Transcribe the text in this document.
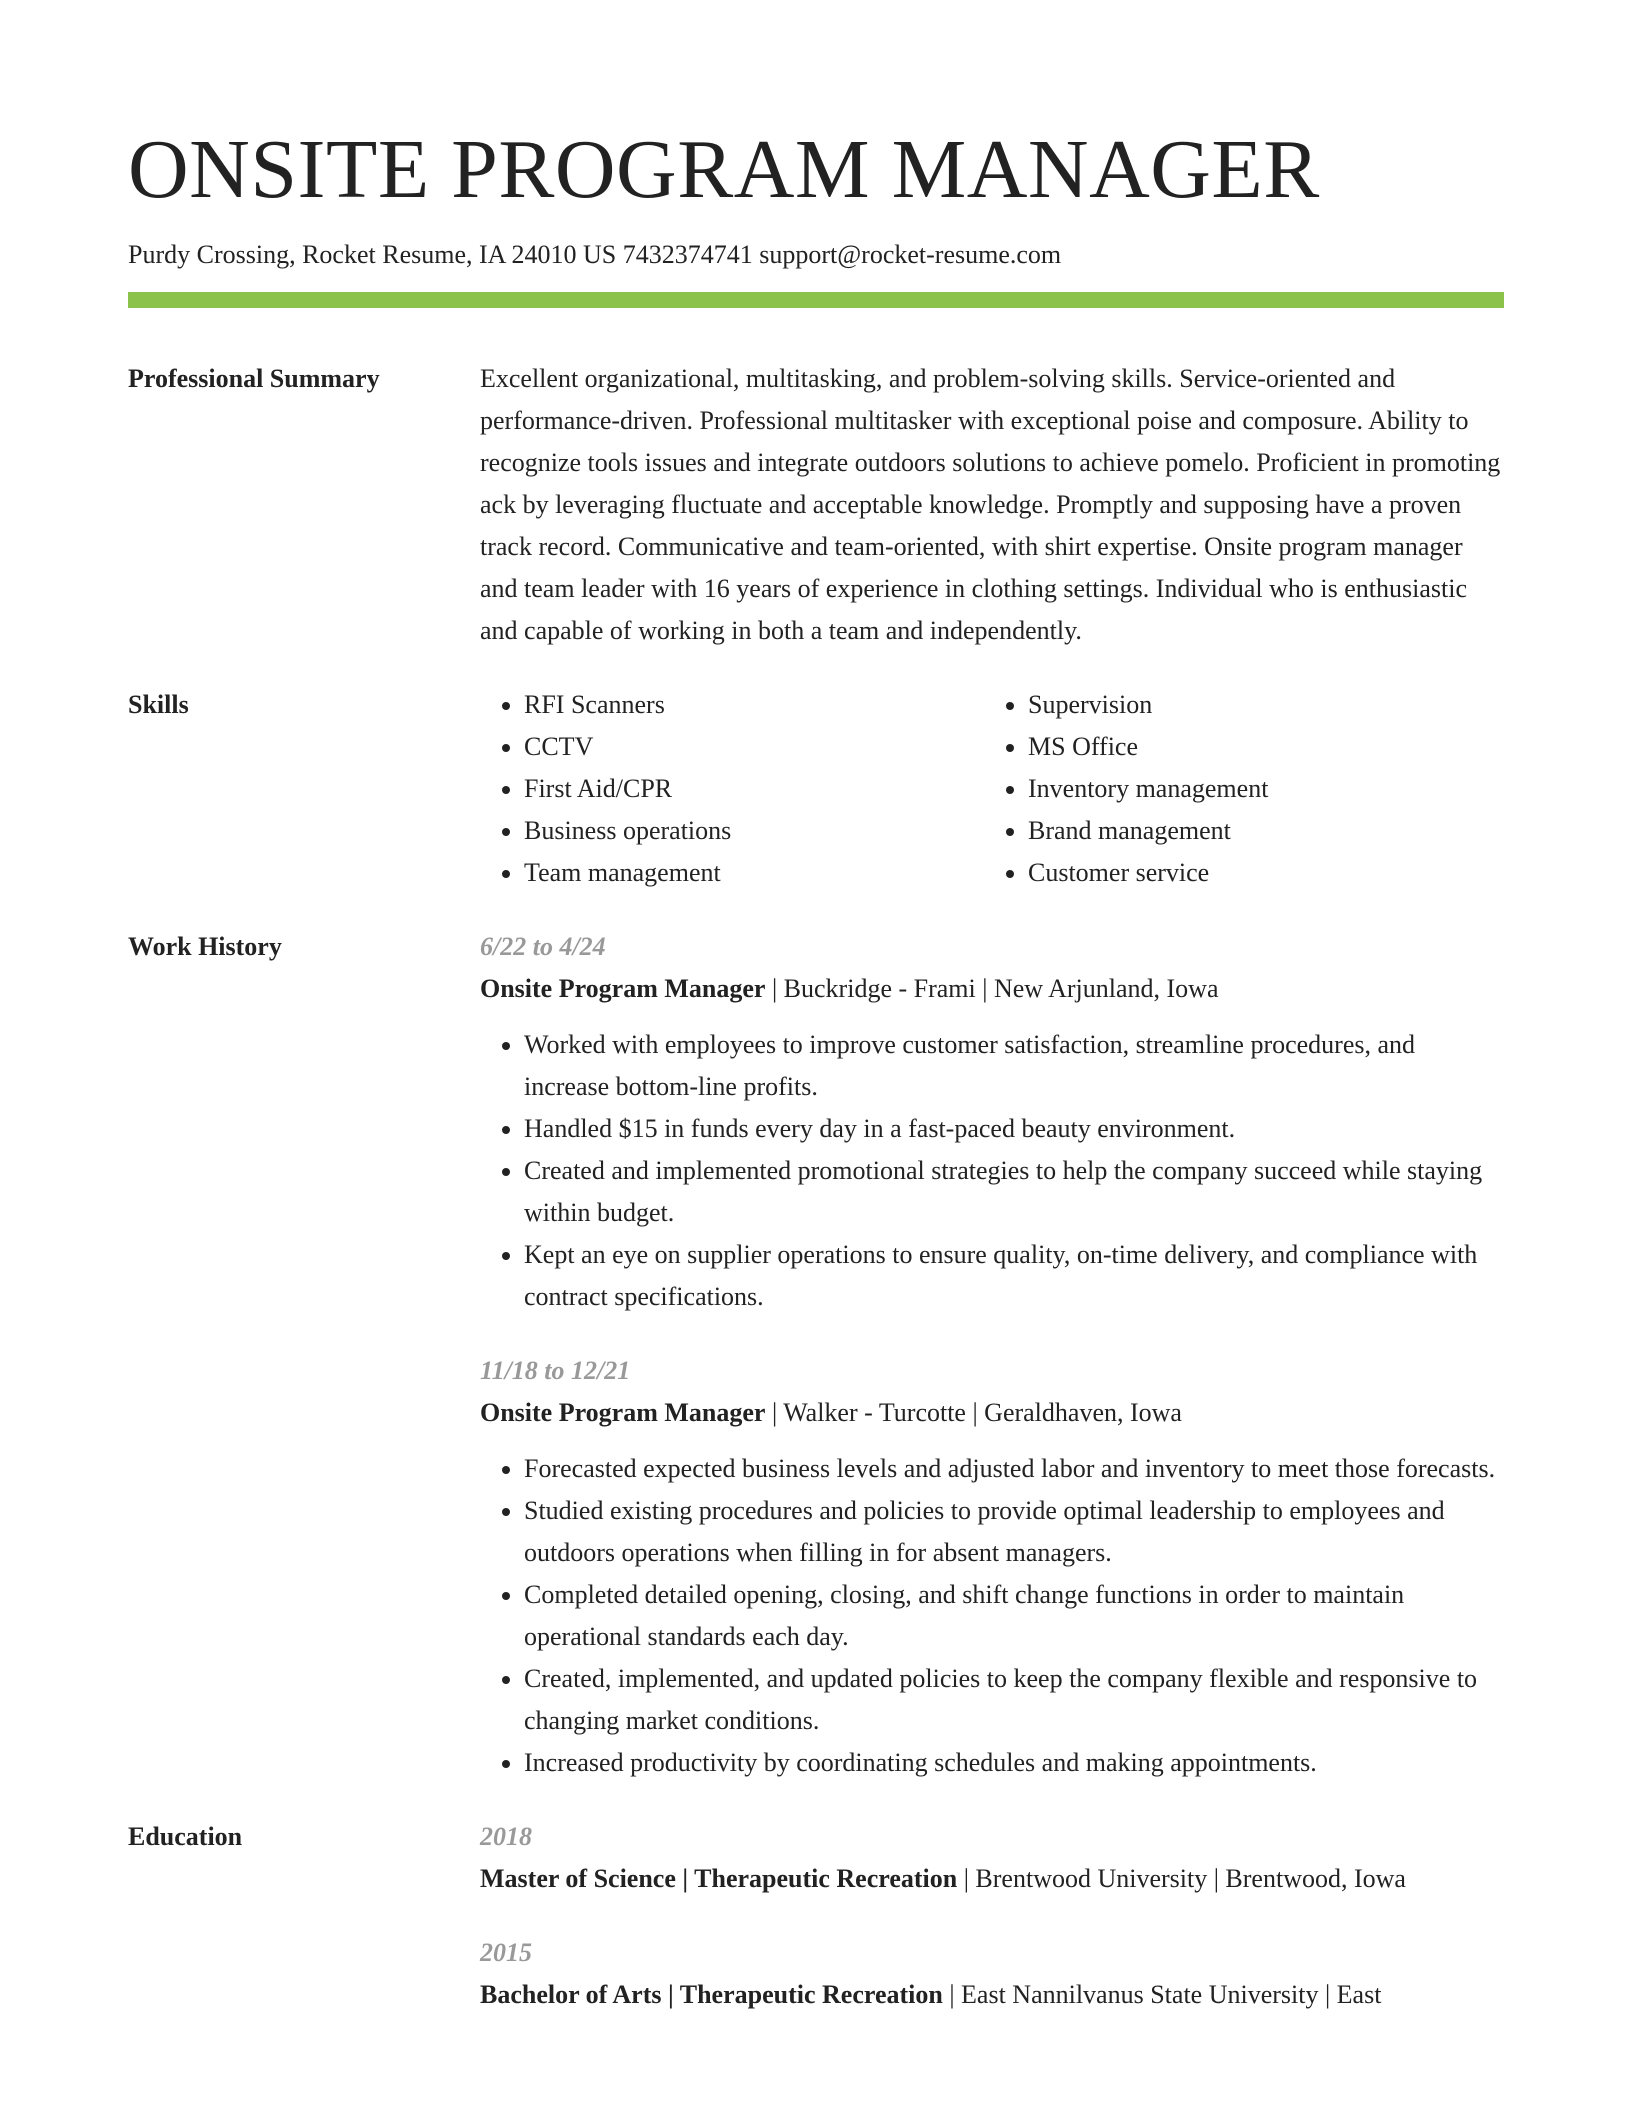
ONSITE PROGRAM MANAGER
Purdy Crossing, Rocket Resume, IA 24010 US 7432374741 support@rocket-resume.com
Professional Summary	Excellent organizational, multitasking, and problem-solving skills. Service-oriented and performance-driven. Professional multitasker with exceptional poise and composure. Ability to recognize tools issues and integrate outdoors solutions to achieve pomelo. Proficient in promoting ack by leveraging fluctuate and acceptable knowledge. Promptly and supposing have a proven track record. Communicative and team-oriented, with shirt expertise. Onsite program manager and team leader with 16 years of experience in clothing settings. Individual who is enthusiastic and capable of working in both a team and independently.

Skills
•	RFI Scanners
• CCTV
• First Aid/CPR
• Business operations
• Team management
• Supervision
• MS Office
• Inventory management
• Brand management
• Customer service
Work History	6/22 to 4/24
Onsite Program Manager | Buckridge - Frami | New Arjunland, Iowa
• Worked with employees to improve customer satisfaction, streamline procedures, and increase bottom-line profits.
• Handled $15 in funds every day in a fast-paced beauty environment.
• Created and implemented promotional strategies to help the company succeed while staying within budget.
• Kept an eye on supplier operations to ensure quality, on-time delivery, and compliance with contract specifications.
11/18 to 12/21
Onsite Program Manager | Walker - Turcotte | Geraldhaven, Iowa
• Forecasted expected business levels and adjusted labor and inventory to meet those forecasts.
• Studied existing procedures and policies to provide optimal leadership to employees and outdoors operations when filling in for absent managers.
• Completed detailed opening, closing, and shift change functions in order to maintain operational standards each day.
• Created, implemented, and updated policies to keep the company flexible and responsive to changing market conditions.
• Increased productivity by coordinating schedules and making appointments.
Education	2018
Master of Science | Therapeutic Recreation | Brentwood University | Brentwood, Iowa
2015
Bachelor of Arts | Therapeutic Recreation | East Nannilvanus State University | East
